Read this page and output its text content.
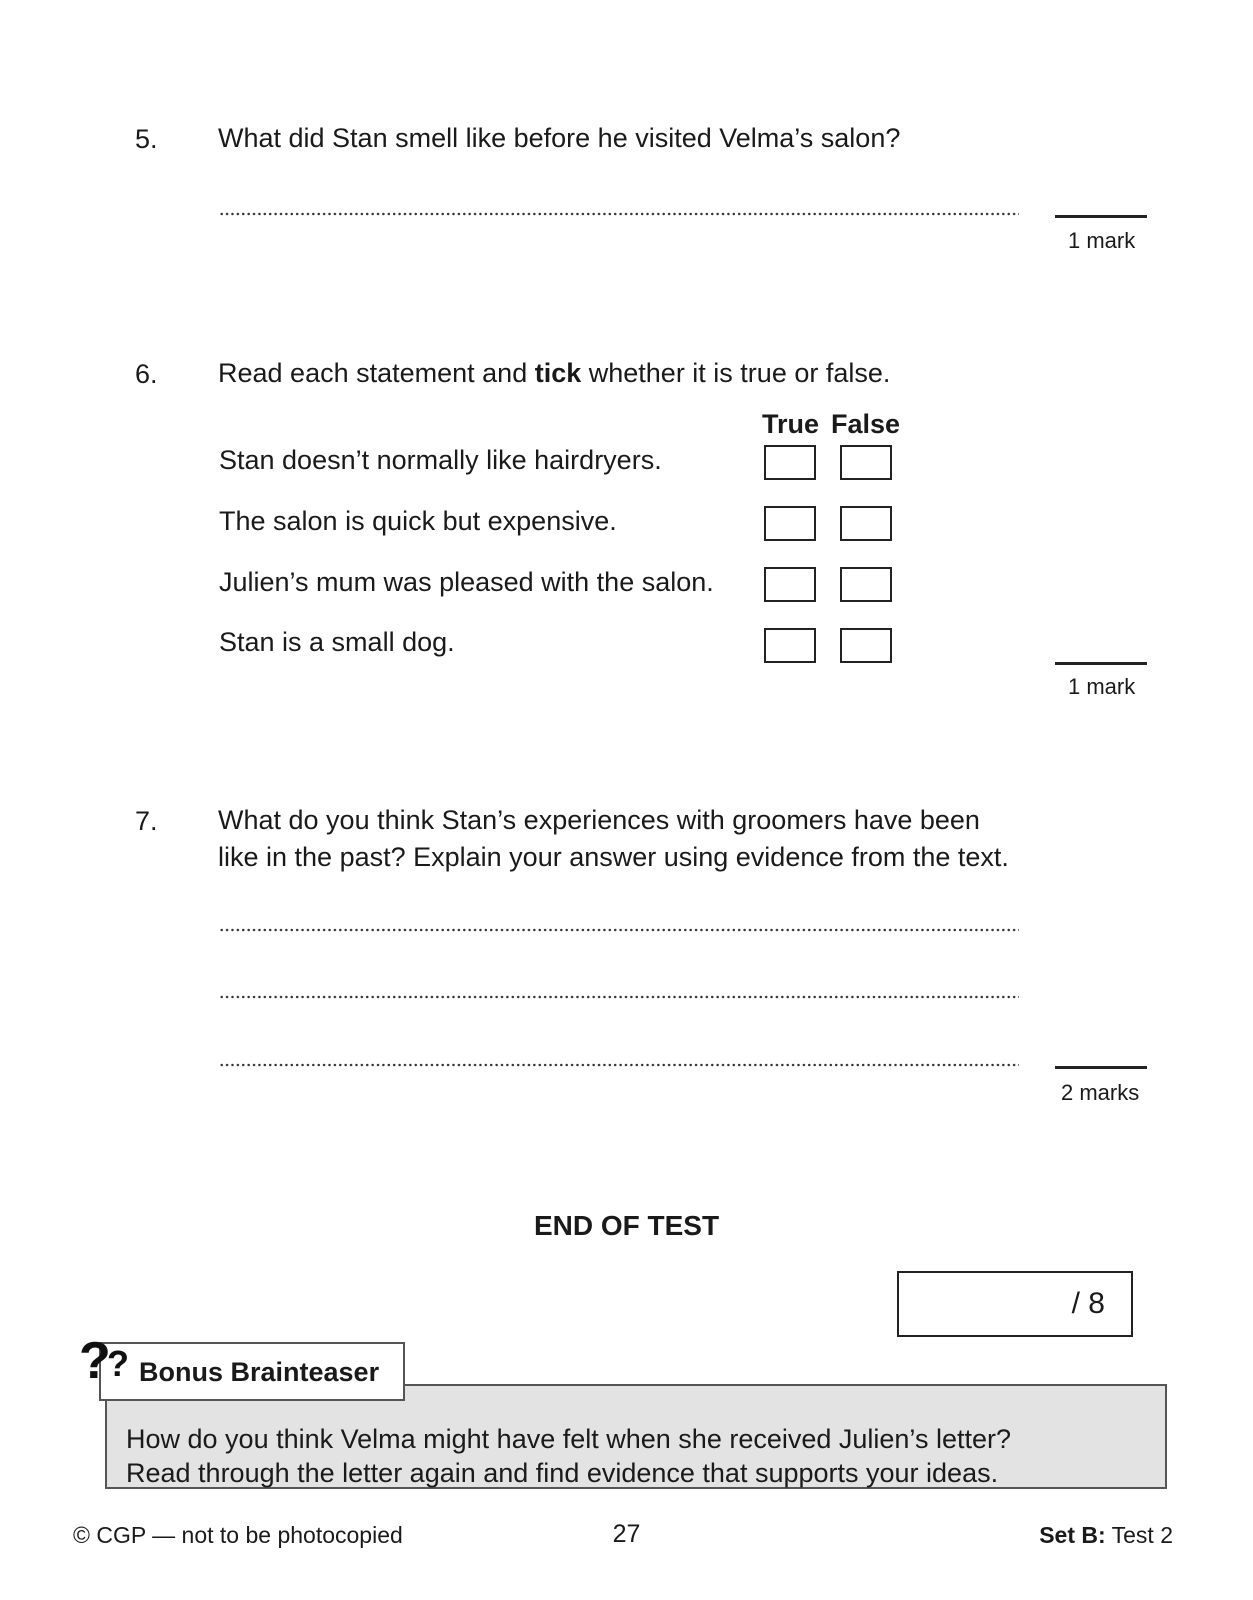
5. What did Stan smell like before he visited Velma’s salon?
1 mark
6. Read each statement and tick whether it is true or false.
True False
Stan doesn’t normally like hairdryers.
The salon is quick but expensive.
Julien’s mum was pleased with the salon.
Stan is a small dog.
1 mark
7. What do you think Stan’s experiences with groomers have been
like in the past? Explain your answer using evidence from the text.
2 marks
END OF TEST
/ 8
Bonus Brainteaser
?
?
How do you think Velma might have felt when she received Julien’s letter?
Read through the letter again and find evidence that supports your ideas.
© CGP — not to be photocopied	27	Set B: Test 2
